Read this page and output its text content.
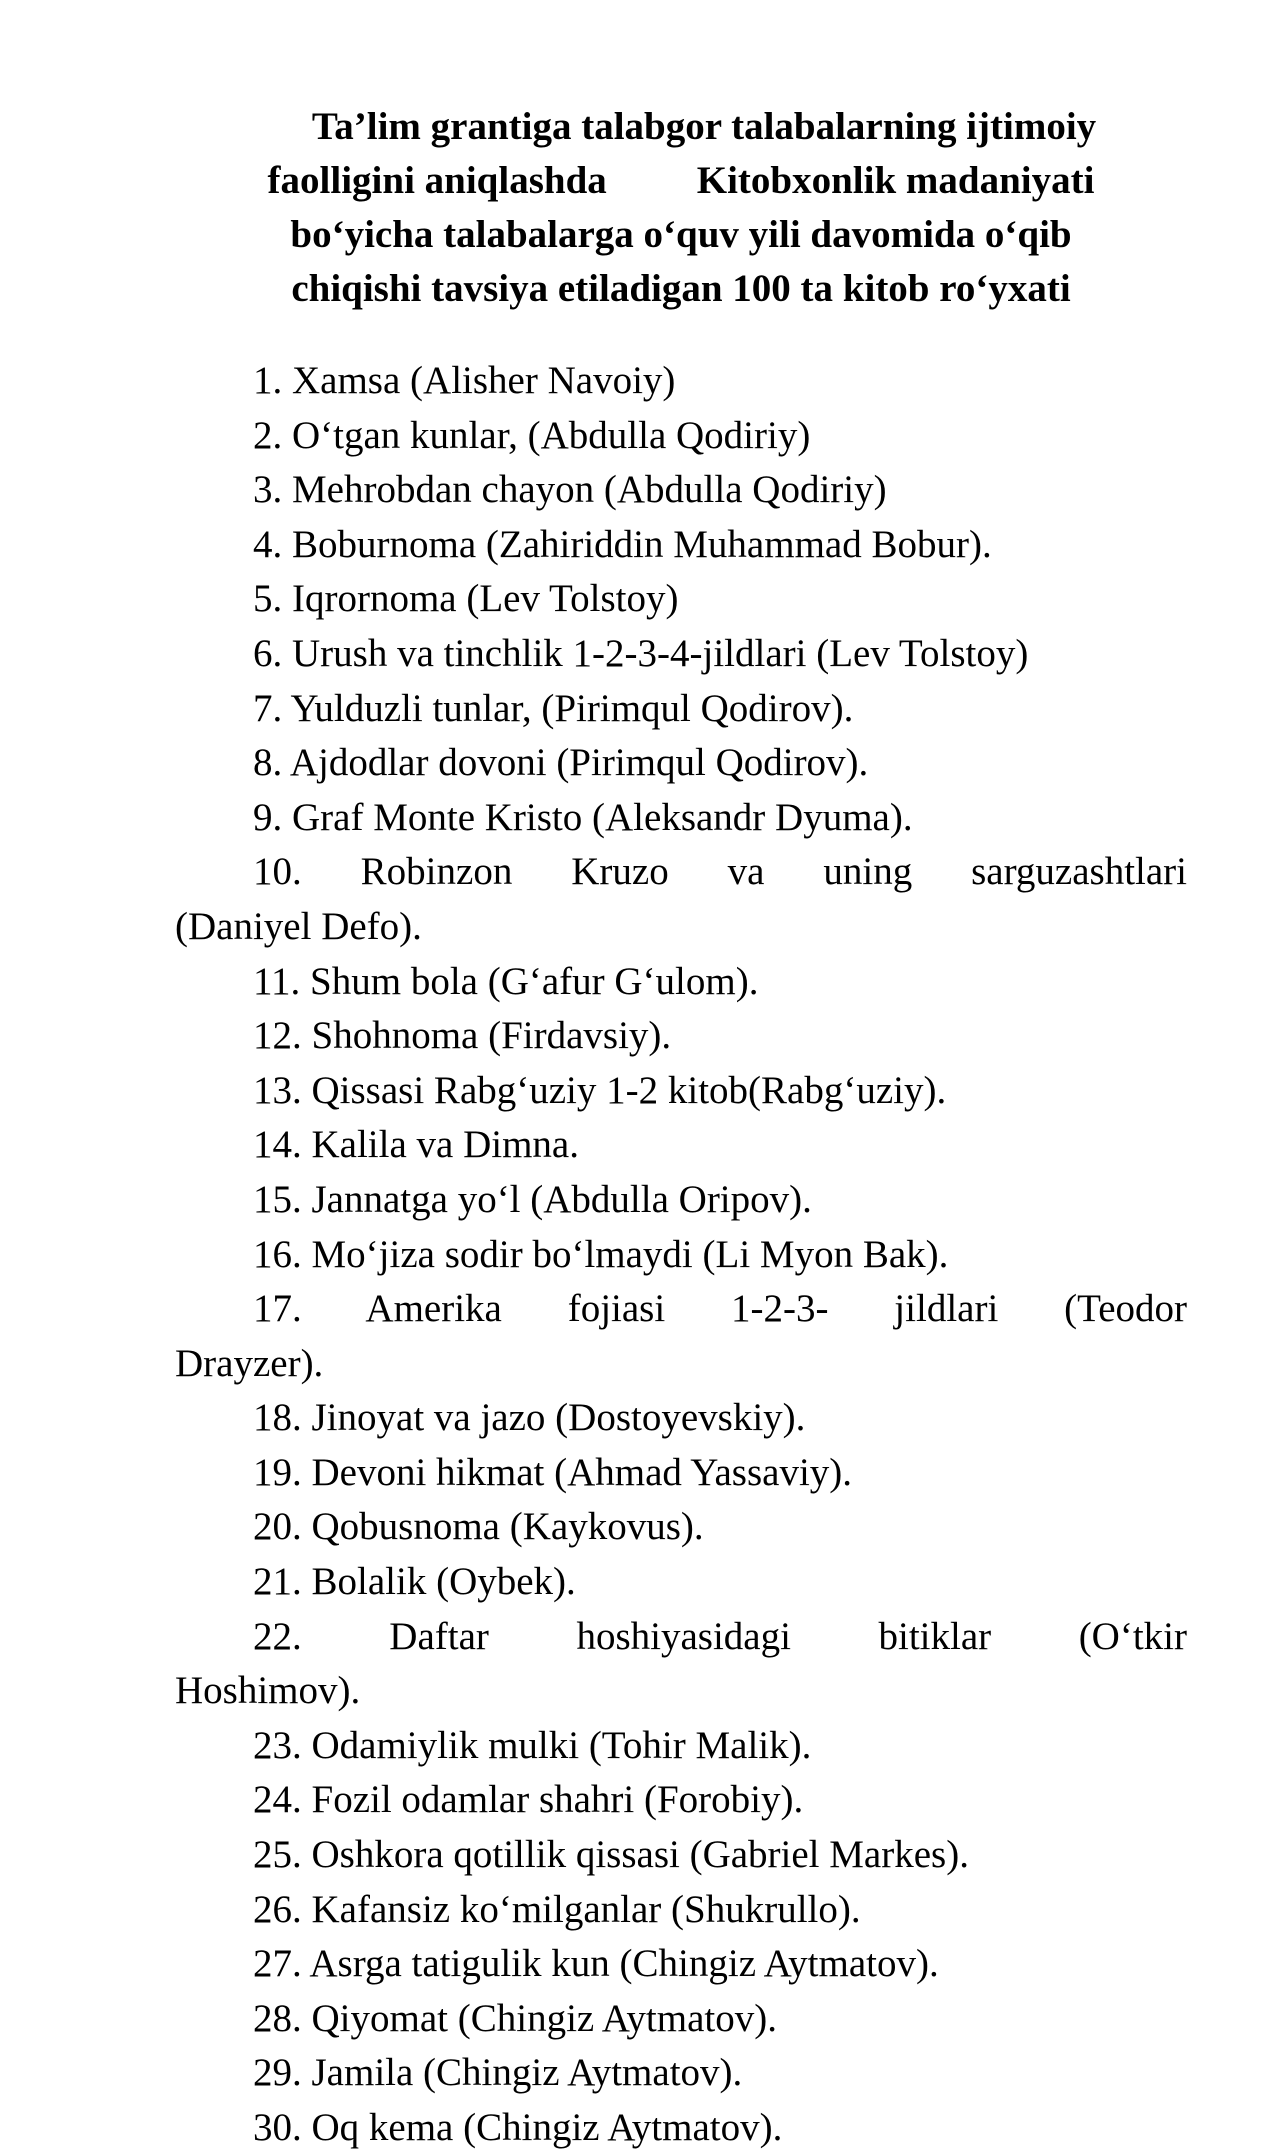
Ta’lim grantiga talabgor talabalarning ijtimoiy
faolligini aniqlashda Kitobxonlik madaniyati
bo‘yicha talabalarga o‘quv yili davomida o‘qib
chiqishi tavsiya etiladigan 100 ta kitob ro‘yxati
1. Xamsa (Alisher Navoiy)
2. O‘tgan kunlar, (Abdulla Qodiriy)
3. Mehrobdan chayon (Abdulla Qodiriy)
4. Boburnoma (Zahiriddin Muhammad Bobur).
5. Iqrornoma (Lev Tolstoy)
6. Urush va tinchlik 1-2-3-4-jildlari (Lev Tolstoy)
7. Yulduzli tunlar, (Pirimqul Qodirov).
8. Ajdodlar dovoni (Pirimqul Qodirov).
9. Graf Monte Kristo (Aleksandr Dyuma).
10. Robinzon Kruzo va uning sarguzashtlari
(Daniyel Defo).
11. Shum bola (G‘afur G‘ulom).
12. Shohnoma (Firdavsiy).
13. Qissasi Rabg‘uziy 1-2 kitob(Rabg‘uziy).
14. Kalila va Dimna.
15. Jannatga yo‘l (Abdulla Oripov).
16. Mo‘jiza sodir bo‘lmaydi (Li Myon Bak).
17. Amerika fojiasi 1-2-3- jildlari (Teodor
Drayzer).
18. Jinoyat va jazo (Dostoyevskiy).
19. Devoni hikmat (Ahmad Yassaviy).
20. Qobusnoma (Kaykovus).
21. Bolalik (Oybek).
22. Daftar hoshiyasidagi bitiklar (O‘tkir
Hoshimov).
23. Odamiylik mulki (Tohir Malik).
24. Fozil odamlar shahri (Forobiy).
25. Oshkora qotillik qissasi (Gabriel Markes).
26. Kafansiz ko‘milganlar (Shukrullo).
27. Asrga tatigulik kun (Chingiz Aytmatov).
28. Qiyomat (Chingiz Aytmatov).
29. Jamila (Chingiz Aytmatov).
30. Oq kema (Chingiz Aytmatov).
